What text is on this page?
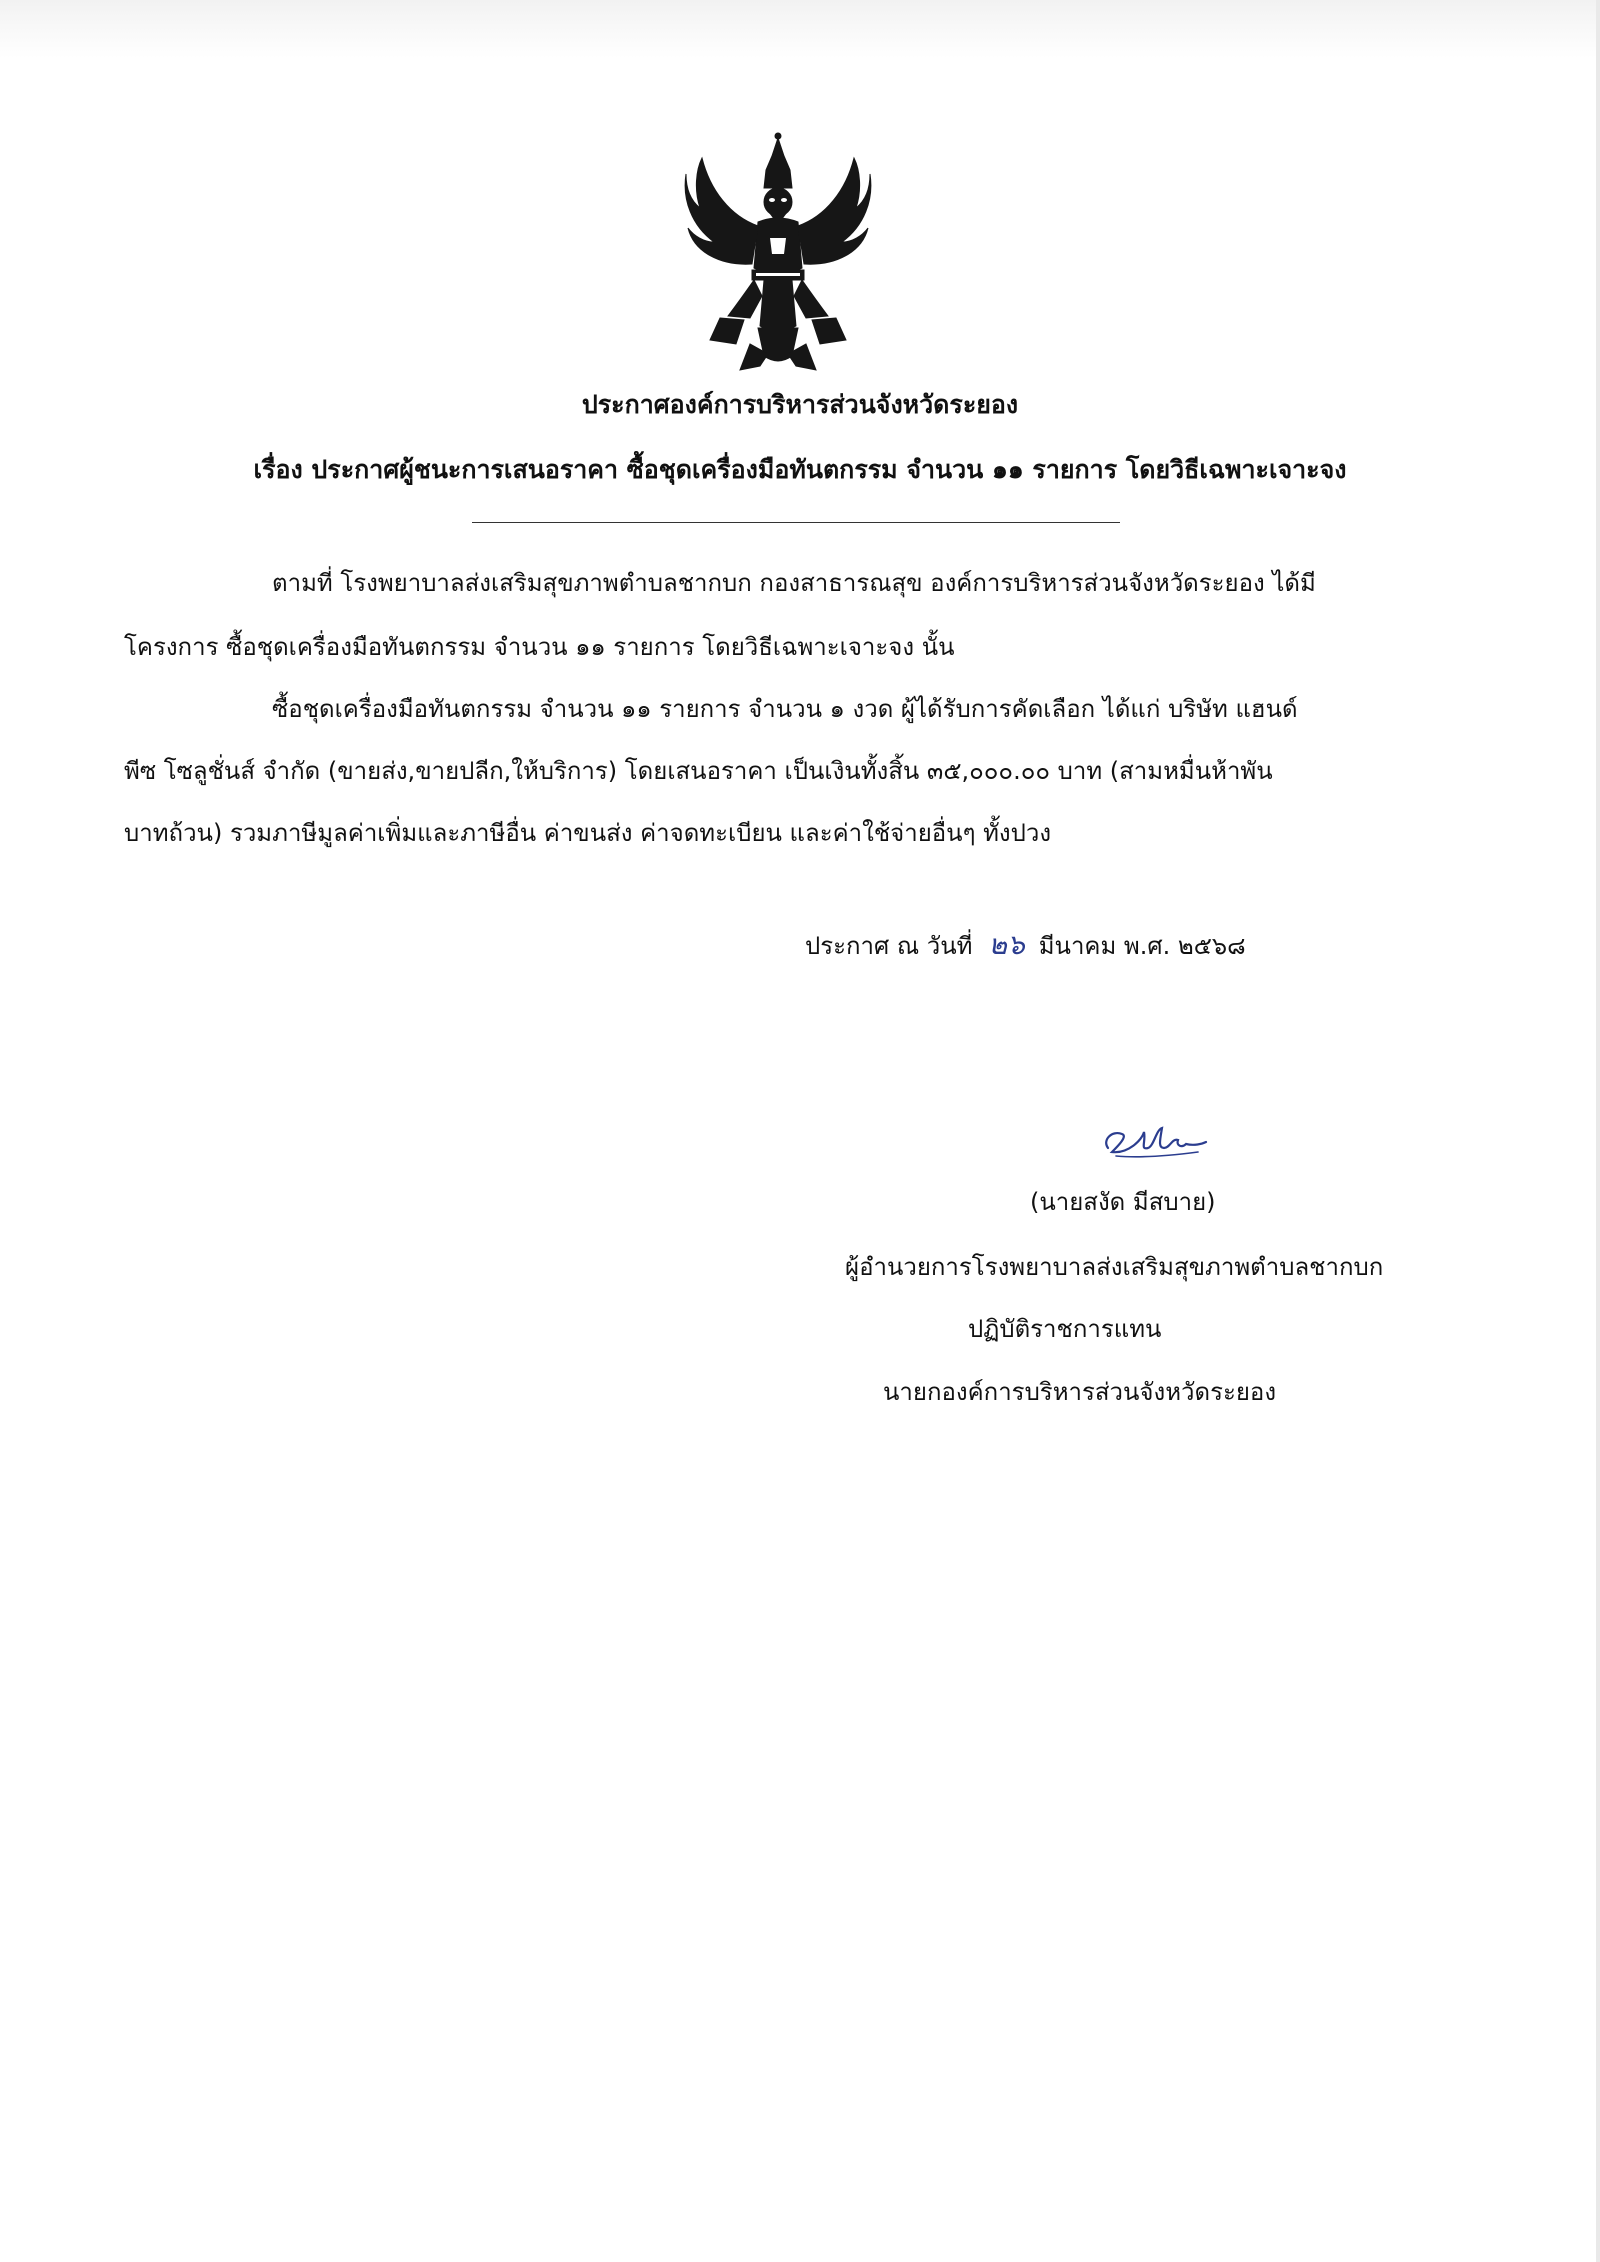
ประกาศองค์การบริหารส่วนจังหวัดระยอง
เรื่อง ประกาศผู้ชนะการเสนอราคา ซื้อชุดเครื่องมือทันตกรรม จำนวน ๑๑ รายการ โดยวิธีเฉพาะเจาะจง
ตามที่ โรงพยาบาลส่งเสริมสุขภาพตำบลชากบก กองสาธารณสุข องค์การบริหารส่วนจังหวัดระยอง ได้มี
โครงการ ซื้อชุดเครื่องมือทันตกรรม จำนวน ๑๑ รายการ โดยวิธีเฉพาะเจาะจง นั้น
ซื้อชุดเครื่องมือทันตกรรม จำนวน ๑๑ รายการ จำนวน ๑ งวด ผู้ได้รับการคัดเลือก ได้แก่ บริษัท แฮนด์
พีซ โซลูชั่นส์ จำกัด (ขายส่ง,ขายปลีก,ให้บริการ) โดยเสนอราคา เป็นเงินทั้งสิ้น ๓๕,๐๐๐.๐๐ บาท (สามหมื่นห้าพัน
บาทถ้วน) รวมภาษีมูลค่าเพิ่มและภาษีอื่น ค่าขนส่ง ค่าจดทะเบียน และค่าใช้จ่ายอื่นๆ ทั้งปวง
ประกาศ ณ วันที่ ๒๖ มีนาคม พ.ศ. ๒๕๖๘
(นายสงัด มีสบาย)
ผู้อำนวยการโรงพยาบาลส่งเสริมสุขภาพตำบลชากบก
ปฏิบัติราชการแทน
นายกองค์การบริหารส่วนจังหวัดระยอง
